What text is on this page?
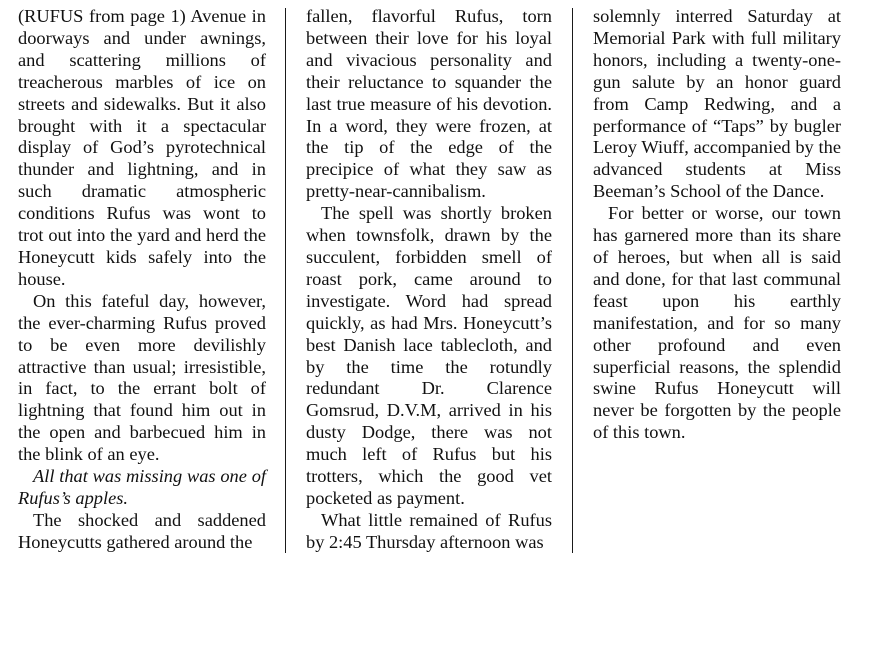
(RUFUS from page 1) Avenue in doorways and under awnings, and scattering millions of treacherous marbles of ice on streets and sidewalks. But it also brought with it a spectacular display of God’s pyrotechnical thunder and lightning, and in such dramatic atmospheric conditions Rufus was wont to trot out into the yard and herd the Honeycutt kids safely into the house.

On this fateful day, however, the ever-charming Rufus proved to be even more devilishly attractive than usual; irresistible, in fact, to the errant bolt of lightning that found him out in the open and barbecued him in the blink of an eye.

All that was missing was one of Rufus’s apples.

The shocked and saddened Honeycutts gathered around the

fallen, flavorful Rufus, torn between their love for his loyal and vivacious personality and their reluctance to squander the last true measure of his devotion. In a word, they were frozen, at the tip of the edge of the precipice of what they saw as pretty-near-cannibalism.

The spell was shortly broken when townsfolk, drawn by the succulent, forbidden smell of roast pork, came around to investigate. Word had spread quickly, as had Mrs. Honeycutt’s best Danish lace tablecloth, and by the time the rotundly redundant Dr. Clarence Gomsrud, D.V.M, arrived in his dusty Dodge, there was not much left of Rufus but his trotters, which the good vet pocketed as payment.

What little remained of Rufus by 2:45 Thursday afternoon was

solemnly interred Saturday at Memorial Park with full military honors, including a twenty-one-gun salute by an honor guard from Camp Redwing, and a performance of “Taps” by bugler Leroy Wiuff, accompanied by the advanced students at Miss Beeman’s School of the Dance.

For better or worse, our town has garnered more than its share of heroes, but when all is said and done, for that last communal feast upon his earthly manifestation, and for so many other profound and even superficial reasons, the splendid swine Rufus Honeycutt will never be forgotten by the people of this town.
